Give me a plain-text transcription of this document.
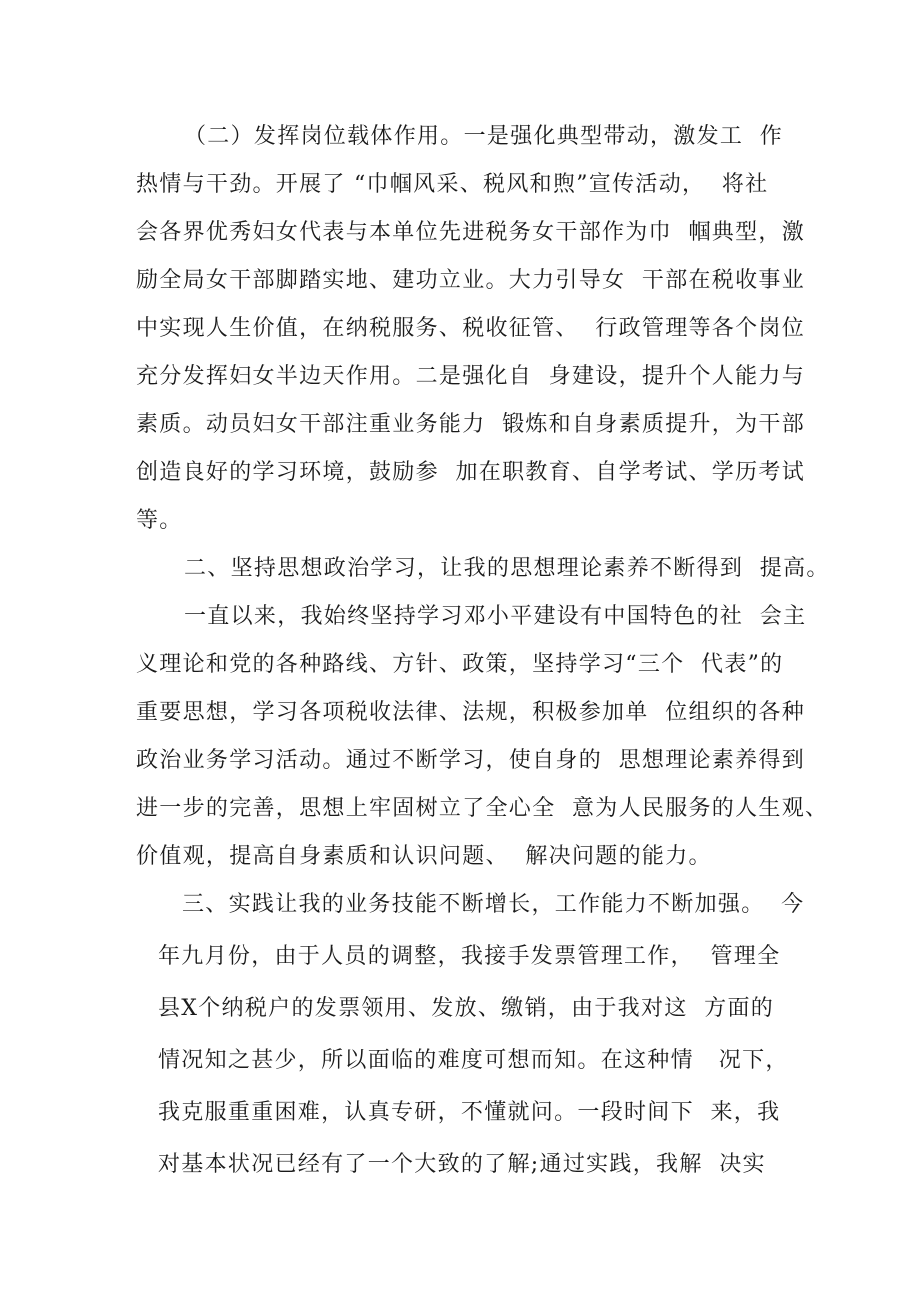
（二）发挥岗位载体作用。一是强化典型带动，激发工  作

热情与干劲。开展了 “巾帼风采、税风和煦”宣传活动，  将社

会各界优秀妇女代表与本单位先进税务女干部作为巾  帼典型，激

励全局女干部脚踏实地、建功立业。大力引导女  干部在税收事业

中实现人生价值，在纳税服务、税收征管、  行政管理等各个岗位

充分发挥妇女半边天作用。二是强化自  身建设，提升个人能力与

素质。动员妇女干部注重业务能力  锻炼和自身素质提升，为干部

创造良好的学习环境，鼓励参  加在职教育、自学考试、学历考试

等。

二、坚持思想政治学习，让我的思想理论素养不断得到  提高。

一直以来，我始终坚持学习邓小平建设有中国特色的社  会主

义理论和党的各种路线、方针、政策，坚持学习“三个  代表”的

重要思想，学习各项税收法律、法规，积极参加单  位组织的各种

政治业务学习活动。通过不断学习，使自身的  思想理论素养得到

进一步的完善，思想上牢固树立了全心全  意为人民服务的人生观、

价值观，提高自身素质和认识问题、  解决问题的能力。

三、实践让我的业务技能不断增长，工作能力不断加强。  今

年九月份，由于人员的调整，我接手发票管理工作，  管理全

县X个纳税户的发票领用、发放、缴销，由于我对这  方面的

情况知之甚少，所以面临的难度可想而知。在这种情   况下，

我克服重重困难，认真专研，不懂就问。一段时间下  来，我

对基本状况已经有了一个大致的了解;通过实践，我解  决实
